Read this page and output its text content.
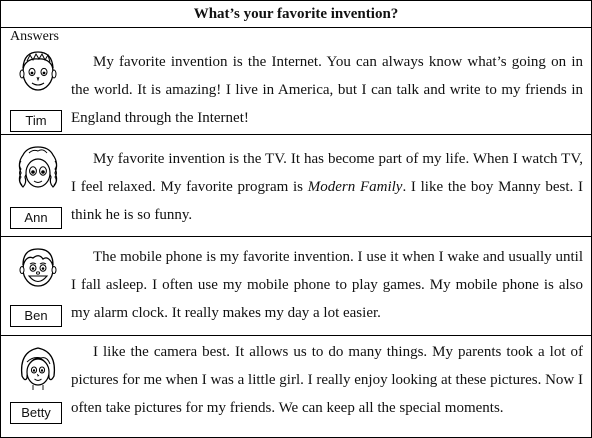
What’s your favorite invention?
Answers
Tim
My favorite invention is the Internet. You can always know what’s going on in the world. It is amazing! I live in America, but I can talk and write to my friends in England through the Internet!
Ann
My favorite invention is the TV. It has become part of my life. When I watch TV, I feel relaxed. My favorite program is Modern Family. I like the boy Manny best. I think he is so funny.
Ben
The mobile phone is my favorite invention. I use it when I wake and usually until I fall asleep. I often use my mobile phone to play games. My mobile phone is also my alarm clock. It really makes my day a lot easier.
Betty
I like the camera best. It allows us to do many things. My parents took a lot of pictures for me when I was a little girl. I really enjoy looking at these pictures. Now I often take pictures for my friends. We can keep all the special moments.
